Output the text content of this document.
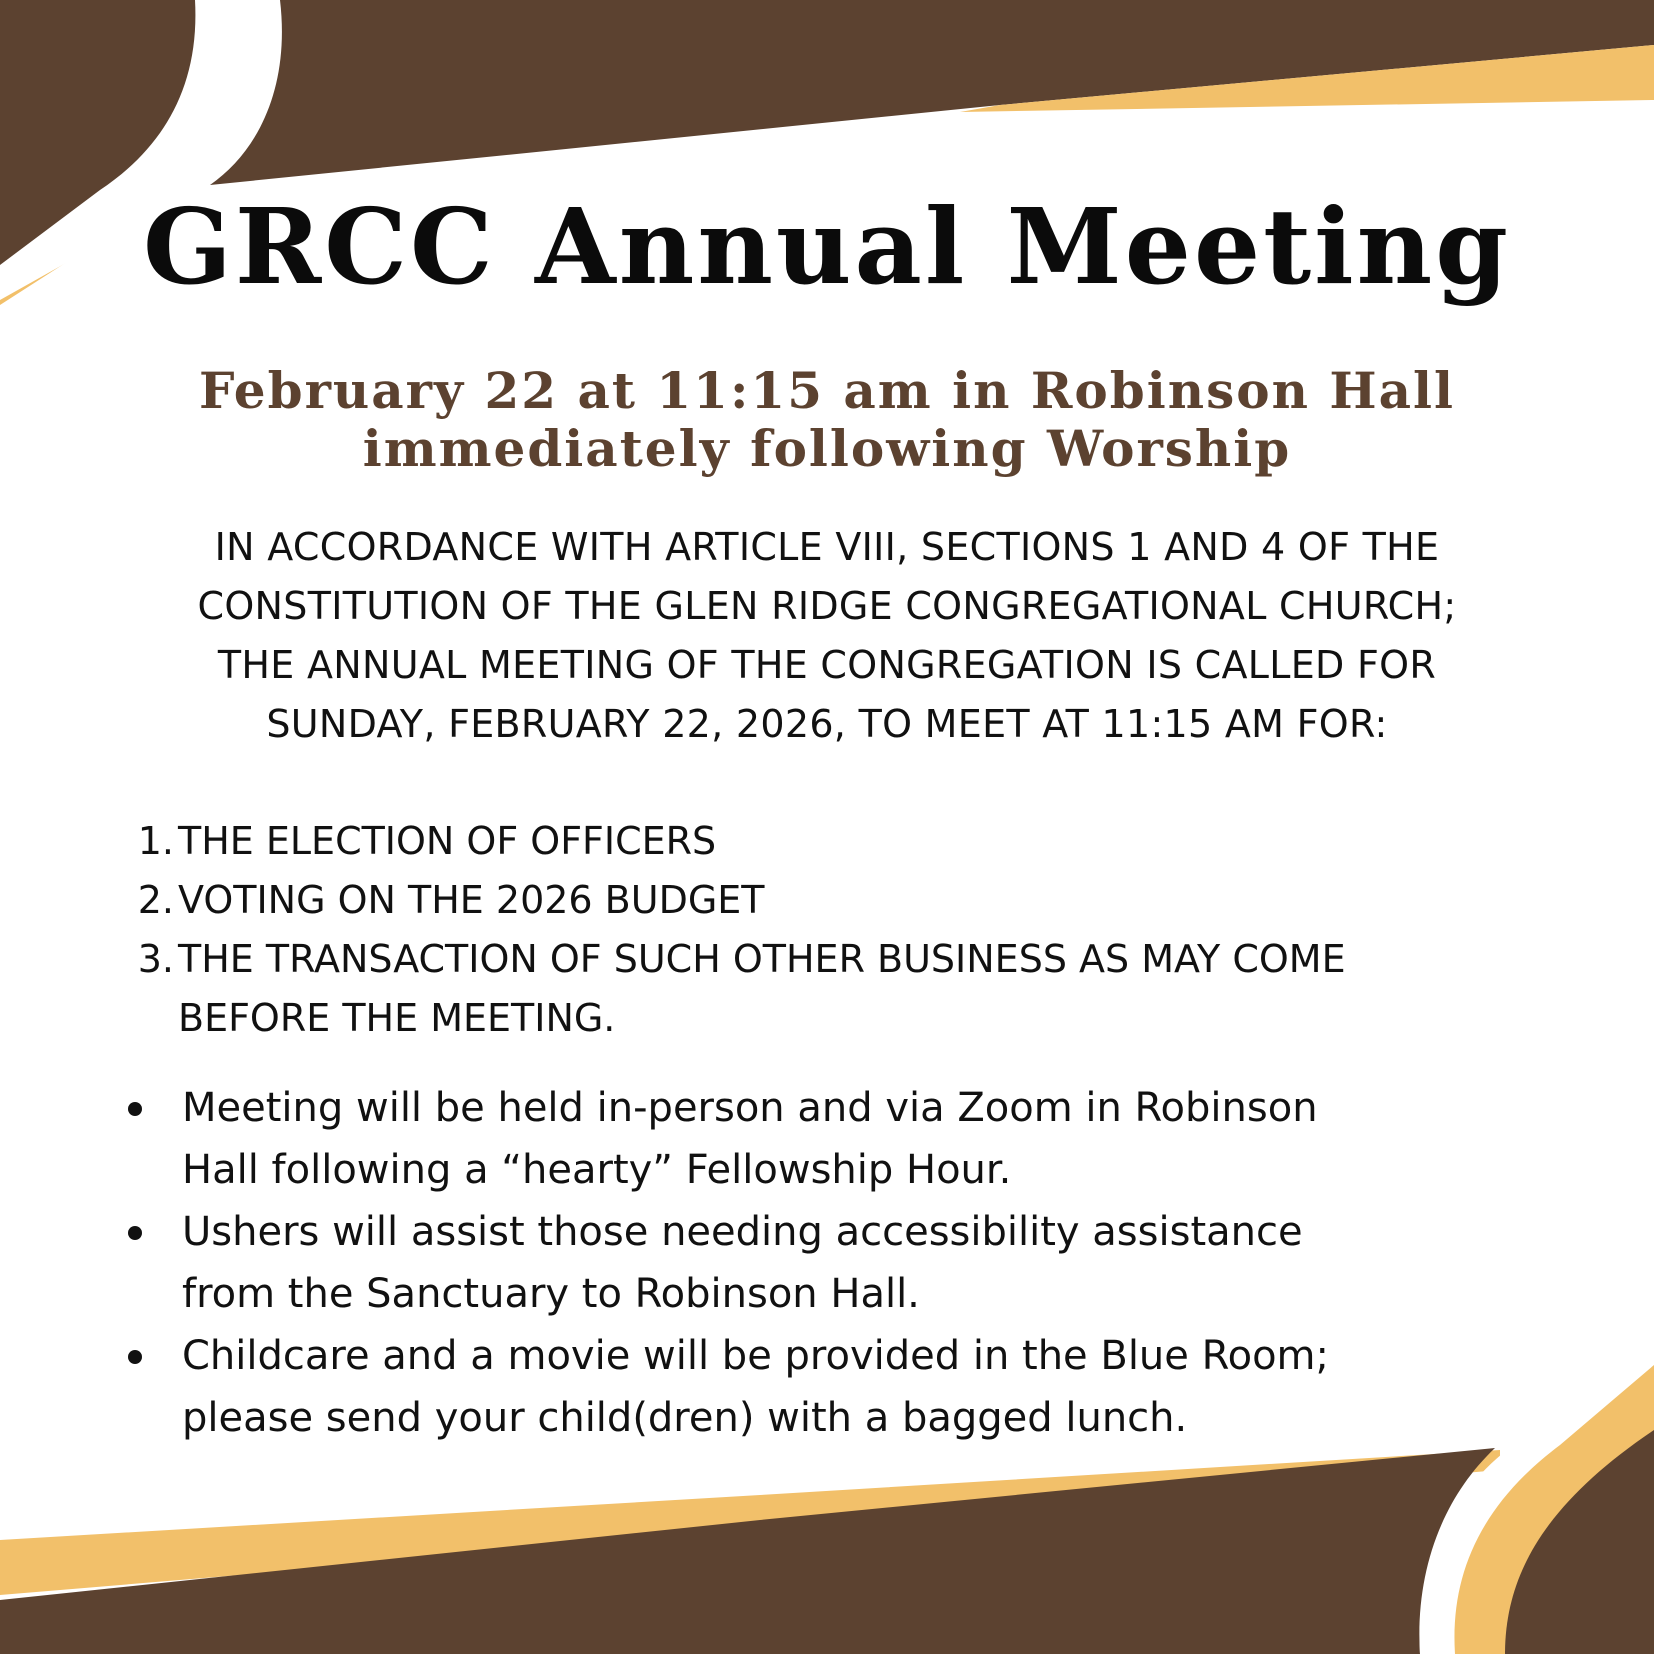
GRCC Annual Meeting
February 22 at 11:15 am in Robinson Hall
immediately following Worship
IN ACCORDANCE WITH ARTICLE VIII, SECTIONS 1 AND 4 OF THE
CONSTITUTION OF THE GLEN RIDGE CONGREGATIONAL CHURCH;
THE ANNUAL MEETING OF THE CONGREGATION IS CALLED FOR
SUNDAY, FEBRUARY 22, 2026, TO MEET AT 11:15 AM FOR:
1. THE ELECTION OF OFFICERS
2. VOTING ON THE 2026 BUDGET
3. THE TRANSACTION OF SUCH OTHER BUSINESS AS MAY COME
BEFORE THE MEETING.
Meeting will be held in-person and via Zoom in Robinson
Hall following a “hearty” Fellowship Hour.
Ushers will assist those needing accessibility assistance
from the Sanctuary to Robinson Hall.
Childcare and a movie will be provided in the Blue Room;
please send your child(dren) with a bagged lunch.
